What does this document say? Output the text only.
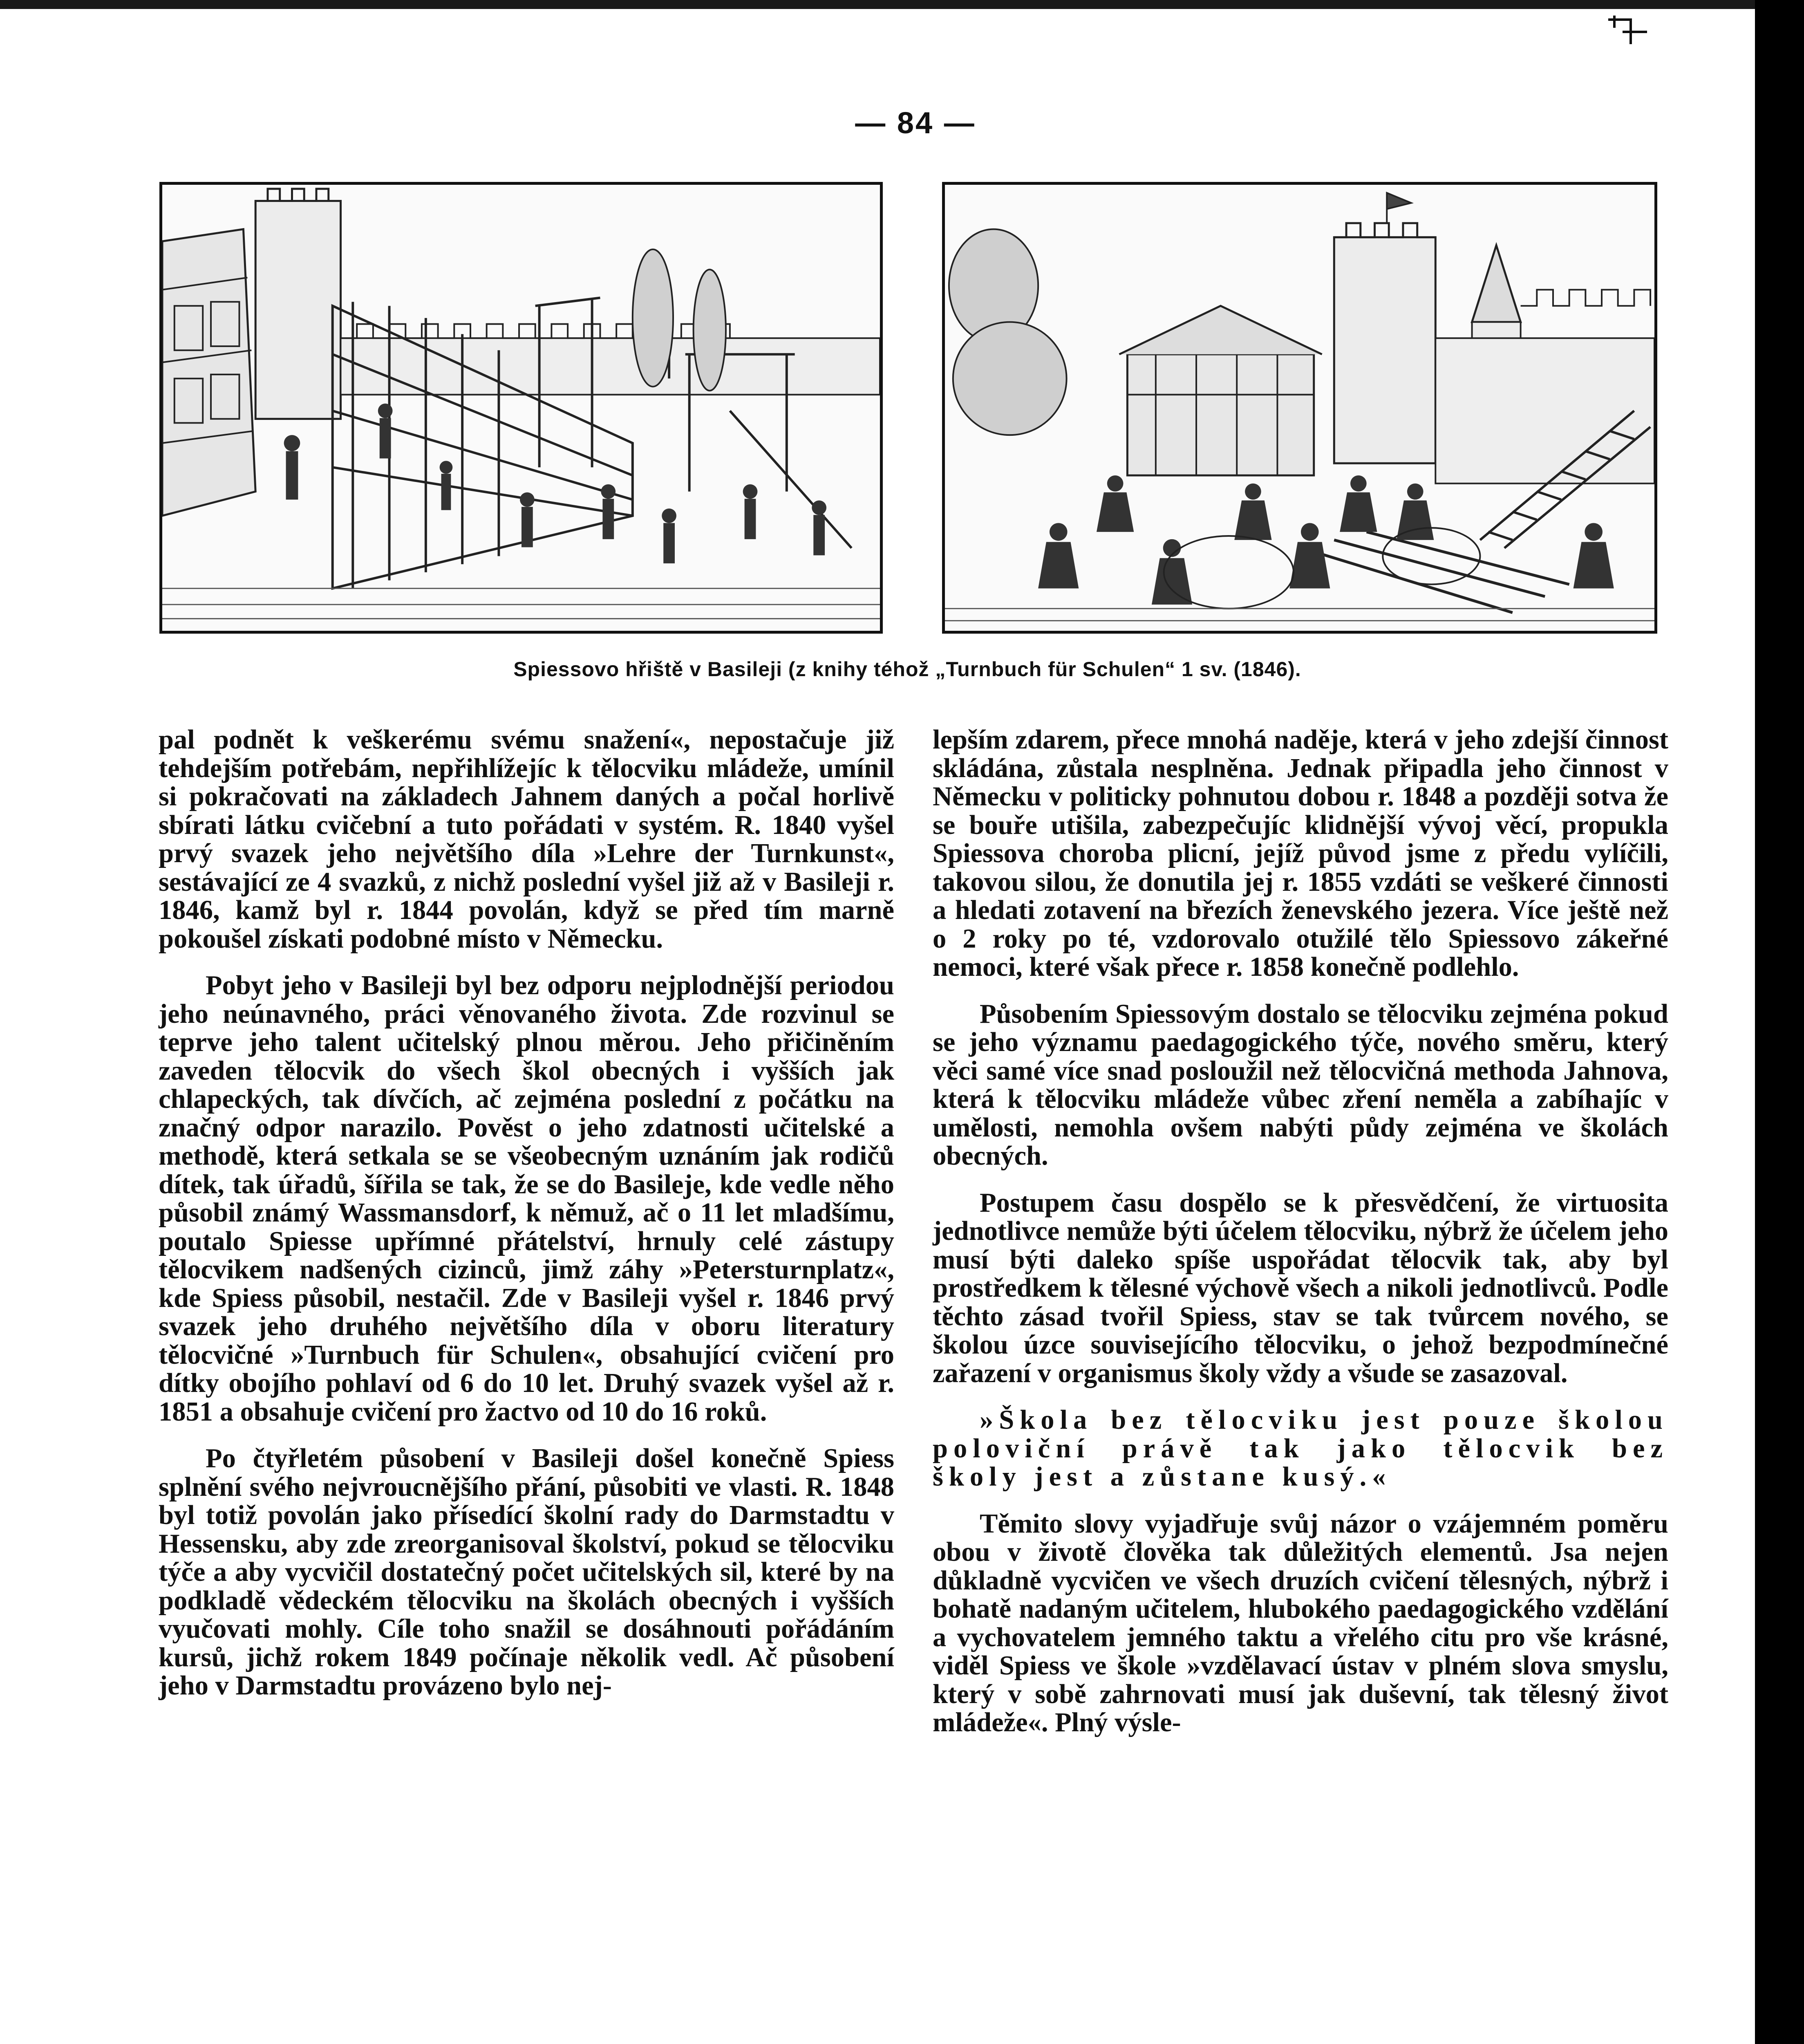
— 84 —
Spiessovo hřiště v Basileji (z knihy téhož „Turnbuch für Schulen“ 1 sv. (1846).

pal podnět k veškerému svému snažení«, nepostačuje již tehdejším potřebám, nepřihlížejíc k tělocviku mládeže, umínil si pokračovati na základech Jahnem daných a počal horlivě sbírati látku cvičební a tuto pořádati v systém. R. 1840 vyšel prvý svazek jeho největšího díla »Lehre der Turnkunst«, sestávající ze 4 svazků, z nichž poslední vyšel již až v Basileji r. 1846, kamž byl r. 1844 povolán, když se před tím marně pokoušel získati podobné místo v Německu.

Pobyt jeho v Basileji byl bez odporu nejplodnější periodou jeho neúnavného, práci věnovaného života. Zde rozvinul se teprve jeho talent učitelský plnou měrou. Jeho přičiněním zaveden tělocvik do všech škol obecných i vyšších jak chlapeckých, tak dívčích, ač zejména poslední z počátku na značný odpor narazilo. Pověst o jeho zdatnosti učitelské a methodě, která setkala se se všeobecným uznáním jak rodičů dítek, tak úřadů, šířila se tak, že se do Basileje, kde vedle něho působil známý Wassmansdorf, k němuž, ač o 11 let mladšímu, poutalo Spiesse upřímné přátelství, hrnuly celé zástupy tělocvikem nadšených cizinců, jimž záhy »Petersturnplatz«, kde Spiess působil, nestačil. Zde v Basileji vyšel r. 1846 prvý svazek jeho druhého největšího díla v oboru literatury tělocvičné »Turnbuch für Schulen«, obsahující cvičení pro dítky obojího pohlaví od 6 do 10 let. Druhý svazek vyšel až r. 1851 a obsahuje cvičení pro žactvo od 10 do 16 roků.

Po čtyřletém působení v Basileji došel konečně Spiess splnění svého nejvroucnějšího přání, působiti ve vlasti. R. 1848 byl totiž povolán jako přísedící školní rady do Darmstadtu v Hessensku, aby zde zreorganisoval školství, pokud se tělocviku týče a aby vycvičil dostatečný počet učitelských sil, které by na podkladě vědeckém tělocviku na školách obecných i vyšších vyučovati mohly. Cíle toho snažil se dosáhnouti pořádáním kursů, jichž rokem 1849 počínaje několik vedl. Ač působení jeho v Darmstadtu provázeno bylo nej-

lepším zdarem, přece mnohá naděje, která v jeho zdejší činnost skládána, zůstala nesplněna. Jednak připadla jeho činnost v Německu v politicky pohnutou dobou r. 1848 a později sotva že se bouře utišila, zabezpečujíc klidnější vývoj věcí, propukla Spiessova choroba plicní, jejíž původ jsme z předu vylíčili, takovou silou, že donutila jej r. 1855 vzdáti se veškeré činnosti a hledati zotavení na březích ženevského jezera. Více ještě než o 2 roky po té, vzdorovalo otužilé tělo Spiessovo zákeřné nemoci, které však přece r. 1858 konečně podlehlo.

Působením Spiessovým dostalo se tělocviku zejména pokud se jeho významu paedagogického týče, nového směru, který věci samé více snad posloužil než tělocvičná methoda Jahnova, která k tělocviku mládeže vůbec zření neměla a zabíhajíc v umělosti, nemohla ovšem nabýti půdy zejména ve školách obecných.

Postupem času dospělo se k přesvědčení, že virtuosita jednotlivce nemůže býti účelem tělocviku, nýbrž že účelem jeho musí býti daleko spíše uspořádat tělocvik tak, aby byl prostředkem k tělesné výchově všech a nikoli jednotlivců. Podle těchto zásad tvořil Spiess, stav se tak tvůrcem nového, se školou úzce souvisejícího tělocviku, o jehož bezpodmínečné zařazení v organismus školy vždy a všude se zasazoval.

»Škola bez tělocviku jest pouze školou poloviční právě tak jako tělocvik bez školy jest a zůstane kusý.«

Těmito slovy vyjadřuje svůj názor o vzájemném poměru obou v životě člověka tak důležitých elementů. Jsa nejen důkladně vycvičen ve všech druzích cvičení tělesných, nýbrž i bohatě nadaným učitelem, hlubokého paedagogického vzdělání a vychovatelem jemného taktu a vřelého citu pro vše krásné, viděl Spiess ve škole »vzdělavací ústav v plném slova smyslu, který v sobě zahrnovati musí jak duševní, tak tělesný život mládeže«. Plný výsle-
